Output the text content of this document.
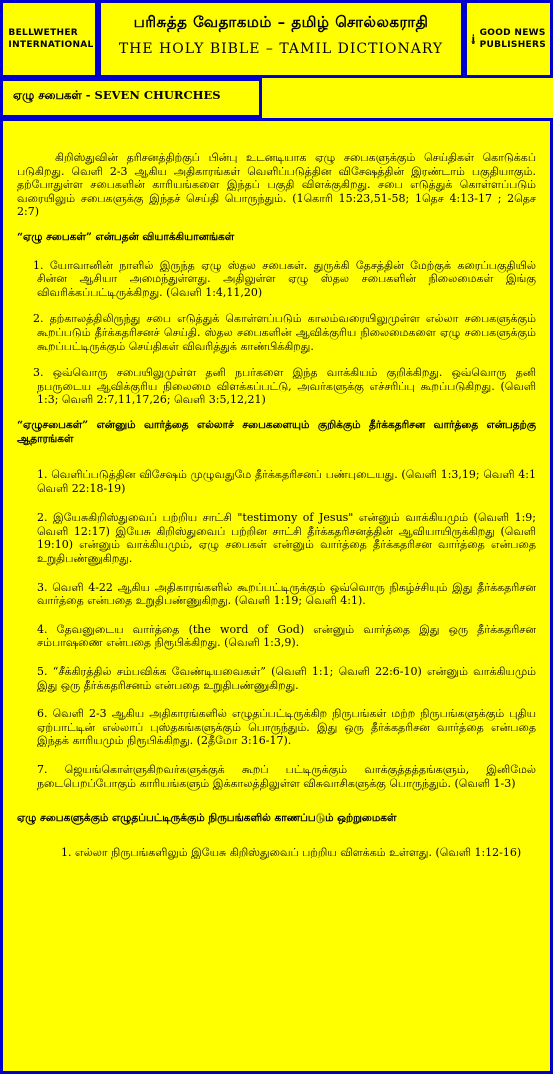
BELLWETHER
INTERNATIONAL
பரிசுத்த வேதாகமம் – தமிழ் சொல்லகராதி
THE HOLY BIBLE – TAMIL DICTIONARY
GOOD NEWS
PUBLISHERS
ஏழு சபைகள் - SEVEN CHURCHES

கிறிஸ்துவின் தரிசனத்திற்குப் பின்பு உடனடியாக ஏழு சபைகளுக்கும் செய்திகள் கொடுக்கப் படுகிறது. வெளி 2-3 ஆகிய அதிகாரங்கள் வெளிப்படுத்தின விசேஷத்தின் இரண்டாம் பகுதியாகும். தற்போதுள்ள சபைகளின் காரியங்களை இந்தப் பகுதி விளக்குகிறது. சபை எடுத்துக் கொள்ளப்படும் வரையிலும் சபைகளுக்கு இந்தச் செய்தி பொருந்தும். (1கொரி 15:23,51-58; 1தெச 4:13-17 ; 2தெச 2:7)

“ஏழு சபைகள்” என்பதன் வியாக்கியானங்கள்

1. யோவானின் நாளில் இருந்த ஏழு ஸ்தல சபைகள். துருக்கி தேசத்தின் மேற்குக் கரைப்பகுதியில் சின்ன ஆசியா அமைந்துள்ளது. அதிலுள்ள ஏழு ஸ்தல சபைகளின் நிலைமைகள் இங்கு விவரிக்கப்பட்டிருக்கிறது. (வெளி 1:4,11,20)
2. தற்காலத்திலிருந்து சபை எடுத்துக் கொள்ளப்படும் காலம்வரையிலுமுள்ள எல்லா சபைகளுக்கும் கூறப்படும் தீர்க்கதரிசனச் செய்தி. ஸ்தல சபைகளின் ஆவிக்குரிய நிலைமைகளை ஏழு சபைகளுக்கும் கூறப்பட்டிருக்கும் செய்திகள் விவரித்துக் காண்பிக்கிறது.
3. ஒவ்வொரு சபையிலுமுள்ள தனி நபர்களை இந்த வாக்கியம் குறிக்கிறது. ஒவ்வொரு தனி நபருடைய ஆவிக்குரிய நிலைமை விளக்கப்பட்டு, அவர்களுக்கு எச்சரிப்பு கூறப்படுகிறது. (வெளி 1:3; வெளி 2:7,11,17,26; வெளி 3:5,12,21)

“ஏழுசபைகள்” என்னும் வார்த்தை எல்லாச் சபைகளையும் குறிக்கும் தீர்க்கதரிசன வார்த்தை என்பதற்கு ஆதாரங்கள்

1. வெளிப்படுத்தின விசேஷம் முழுவதுமே தீர்க்கதரிசனப் பண்புடையது. (வெளி 1:3,19; வெளி 4:1 வெளி 22:18-19)
2. இயேசுகிறிஸ்துவைப் பற்றிய சாட்சி "testimony of Jesus" என்னும் வாக்கியமும் (வெளி 1:9; வெளி 12:17) இயேசு கிறிஸ்துவைப் பற்றின சாட்சி தீர்க்கதரிசனத்தின் ஆவியாயிருக்கிறது (வெளி 19:10) என்னும் வாக்கியமும், ஏழு சபைகள் என்னும் வார்த்தை தீர்க்கதரிசன வார்த்தை என்பதை உறுதிபண்ணுகிறது.
3. வெளி 4-22 ஆகிய அதிகாரங்களில் கூறப்பட்டிருக்கும் ஒவ்வொரு நிகழ்ச்சியும் இது தீர்க்கதரிசன வார்த்தை என்பதை உறுதிபண்ணுகிறது. (வெளி 1:19; வெளி 4:1).
4. தேவனுடைய வார்த்தை (the word of God) என்னும் வார்த்தை இது ஒரு தீர்க்கதரிசன சம்பாஷணை என்பதை நிரூபிக்கிறது. (வெளி 1:3,9).
5. “சீக்கிரத்தில் சம்பவிக்க வேண்டியவைகள்” (வெளி 1:1; வெளி 22:6-10) என்னும் வாக்கியமும் இது ஒரு தீர்க்கதரிசனம் என்பதை உறுதிபண்ணுகிறது.
6. வெளி 2-3 ஆகிய அதிகாரங்களில் எழுதப்பட்டிருக்கிற நிருபங்கள் மற்ற நிருபங்களுக்கும் புதிய ஏற்பாட்டின் எல்லாப் புஸ்தகங்களுக்கும் பொருந்தும். இது ஒரு தீர்க்கதரிசன வார்த்தை என்பதை இந்தக் காரியமும் நிரூபிக்கிறது. (2தீமோ 3:16-17).
7. ஜெயங்கொள்ளுகிறவர்களுக்குக் கூறப் பட்டிருக்கும் வாக்குத்தத்தங்களும், இனிமேல் நடைபெறப்போகும் காரியங்களும் இக்காலத்திலுள்ள விசுவாசிகளுக்கு பொருந்தும். (வெளி 1-3)

ஏழு சபைகளுக்கும் எழுதப்பட்டிருக்கும் நிருபங்களில் காணப்படும் ஒற்றுமைகள்

1. எல்லா நிருபங்களிலும் இயேசு கிறிஸ்துவைப் பற்றிய விளக்கம் உள்ளது. (வெளி 1:12-16)
